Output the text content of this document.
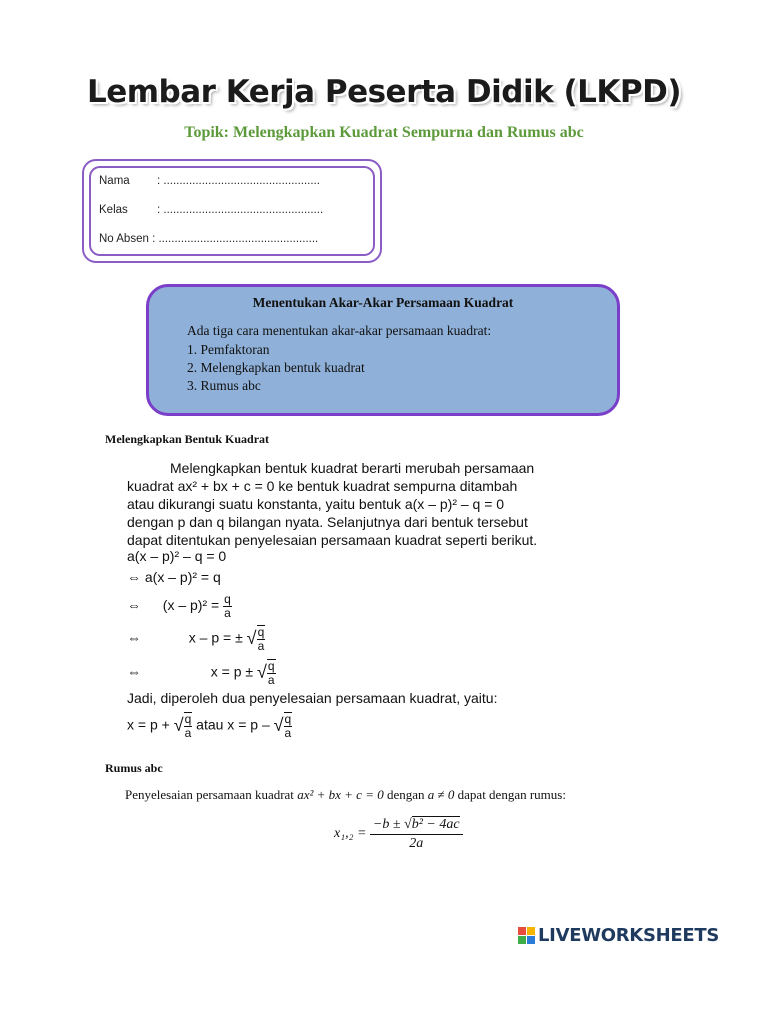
Lembar Kerja Peserta Didik (LKPD)
Topik: Melengkapkan Kuadrat Sempurna dan Rumus abc
Nama : .................................................
Kelas	: ..................................................
No Absen : ..................................................
Menentukan Akar-Akar Persamaan Kuadrat
Ada tiga cara menentukan akar-akar persamaan kuadrat:
1. Pemfaktoran
2. Melengkapkan bentuk kuadrat
3. Rumus abc
Melengkapkan Bentuk Kuadrat
Melengkapkan bentuk kuadrat berarti merubah persamaan
kuadrat ax² + bx + c = 0 ke bentuk kuadrat sempurna ditambah
atau dikurangi suatu konstanta, yaitu bentuk a(x – p)² – q = 0
dengan p dan q bilangan nyata. Selanjutnya dari bentuk tersebut
dapat ditentukan penyelesaian persamaan kuadrat seperti berikut.
a(x – p)² – q = 0
⇔ a(x – p)² = q
⇔ $(x - p)^2 = \frac{q}{a}$
⇔	x – p = ± √ $\frac{q}{a}$
⇔	x = p ± √ $\frac{q}{a}$
Jadi, diperoleh dua penyelesaian persamaan kuadrat, yaitu:
x = p + √ $\frac{q}{a}$ atau x = p – √ $\frac{q}{a}$
Rumus abc
Penyelesaian persamaan kuadrat ax² + bx + c = 0 dengan a ≠ 0 dapat dengan rumus:
$x_1,_2 = \frac{\text{−b ± √b² − 4ac}}{2a}$
LIVEWORKSHEETS
